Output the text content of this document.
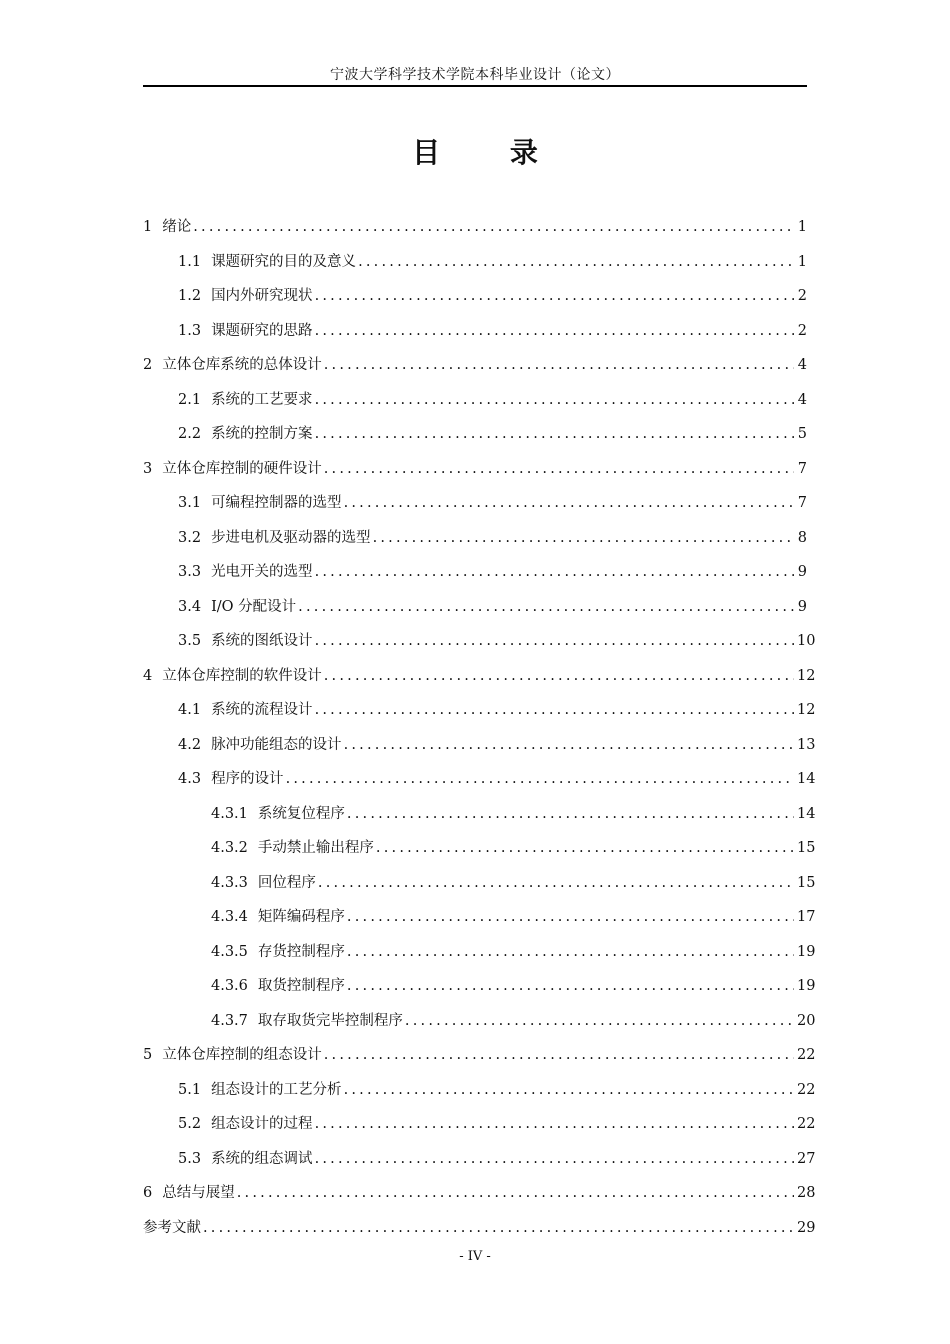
宁波大学科学技术学院本科毕业设计（论文）
目 录
1 绪论 .....	1
1.1 课题研究的目的及意义 .....	1
1.2 国内外研究现状 .....	2
1.3 课题研究的思路 .....	2
2 立体仓库系统的总体设计 .....	4
2.1 系统的工艺要求 .....	4
2.2 系统的控制方案 .....	5
3 立体仓库控制的硬件设计 .....	7
3.1 可编程控制器的选型 .....	7
3.2 步进电机及驱动器的选型 .....	8
3.3 光电开关的选型 .....	9
3.4 I/O 分配设计 .....	9
3.5 系统的图纸设计 .....	10
4 立体仓库控制的软件设计 .....	12
4.1 系统的流程设计 .....	12
4.2 脉冲功能组态的设计 .....	13
4.3 程序的设计 .....	14
4.3.1 系统复位程序 .....	14
4.3.2 手动禁止输出程序 .....	15
4.3.3 回位程序 .....	15
4.3.4 矩阵编码程序 .....	17
4.3.5 存货控制程序 .....	19
4.3.6 取货控制程序 .....	19
4.3.7 取存取货完毕控制程序 .....	20
5 立体仓库控制的组态设计 .....	22
5.1 组态设计的工艺分析 .....	22
5.2 组态设计的过程 .....	22
5.3 系统的组态调试 .....	27
6 总结与展望 .....	28
参考文献 .....	29
- IV -
